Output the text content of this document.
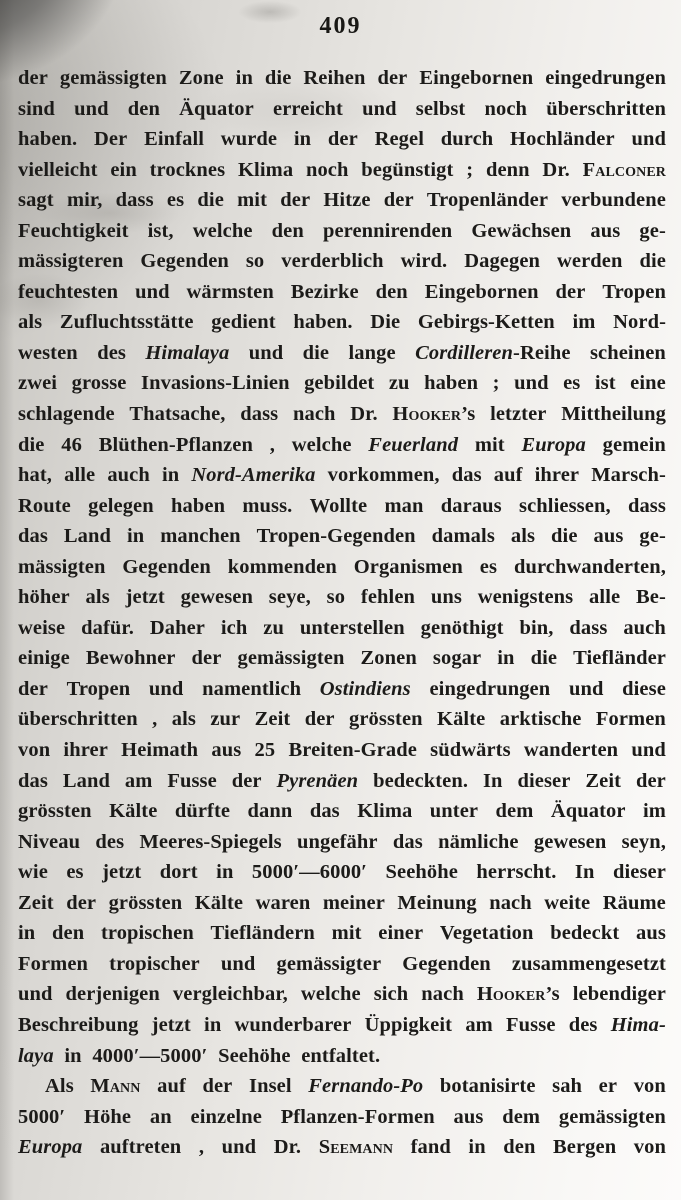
409
der gemässigten Zone in die Reihen der Eingebornen eingedrungen
sind und den Äquator erreicht und selbst noch überschritten
haben. Der Einfall wurde in der Regel durch Hochländer und
vielleicht ein trocknes Klima noch begünstigt ; denn Dr. Falconer
sagt mir, dass es die mit der Hitze der Tropenländer verbundene
Feuchtigkeit ist, welche den perennirenden Gewächsen aus ge-
mässigteren Gegenden so verderblich wird. Dagegen werden die
feuchtesten und wärmsten Bezirke den Eingebornen der Tropen
als Zufluchtsstätte gedient haben. Die Gebirgs-Ketten im Nord-
westen des Himalaya und die lange Cordilleren-Reihe scheinen
zwei grosse Invasions-Linien gebildet zu haben ; und es ist eine
schlagende Thatsache, dass nach Dr. Hooker’s letzter Mittheilung
die 46 Blüthen-Pflanzen , welche Feuerland mit Europa gemein
hat, alle auch in Nord-Amerika vorkommen, das auf ihrer Marsch-
Route gelegen haben muss. Wollte man daraus schliessen, dass
das Land in manchen Tropen-Gegenden damals als die aus ge-
mässigten Gegenden kommenden Organismen es durchwanderten,
höher als jetzt gewesen seye, so fehlen uns wenigstens alle Be-
weise dafür. Daher ich zu unterstellen genöthigt bin, dass auch
einige Bewohner der gemässigten Zonen sogar in die Tiefländer
der Tropen und namentlich Ostindiens eingedrungen und diese
überschritten , als zur Zeit der grössten Kälte arktische Formen
von ihrer Heimath aus 25 Breiten-Grade südwärts wanderten und
das Land am Fusse der Pyrenäen bedeckten. In dieser Zeit der
grössten Kälte dürfte dann das Klima unter dem Äquator im
Niveau des Meeres-Spiegels ungefähr das nämliche gewesen seyn,
wie es jetzt dort in 5000′—6000′ Seehöhe herrscht. In dieser
Zeit der grössten Kälte waren meiner Meinung nach weite Räume
in den tropischen Tiefländern mit einer Vegetation bedeckt aus
Formen tropischer und gemässigter Gegenden zusammengesetzt
und derjenigen vergleichbar, welche sich nach Hooker’s lebendiger
Beschreibung jetzt in wunderbarer Üppigkeit am Fusse des Hima-
laya in 4000′—5000′ Seehöhe entfaltet.
Als Mann auf der Insel Fernando-Po botanisirte sah er von
5000′ Höhe an einzelne Pflanzen-Formen aus dem gemässigten
Europa auftreten , und Dr. Seemann fand in den Bergen von
